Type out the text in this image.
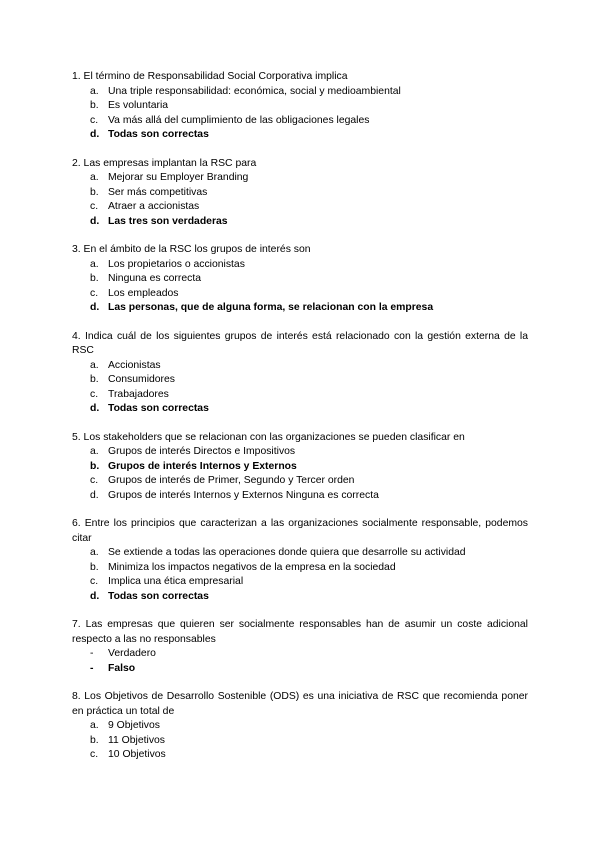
1. El término de Responsabilidad Social Corporativa implica

a. Una triple responsabilidad: económica, social y medioambiental
b. Es voluntaria
c. Va más allá del cumplimiento de las obligaciones legales
d. Todas son correctas

2. Las empresas implantan la RSC para

a. Mejorar su Employer Branding
b. Ser más competitivas
c. Atraer a accionistas
d. Las tres son verdaderas

3. En el ámbito de la RSC los grupos de interés son

a. Los propietarios o accionistas
b. Ninguna es correcta
c. Los empleados
d. Las personas, que de alguna forma, se relacionan con la empresa

4. Indica cuál de los siguientes grupos de interés está relacionado con la gestión externa de la RSC

a. Accionistas
b. Consumidores
c. Trabajadores
d. Todas son correctas

5. Los stakeholders que se relacionan con las organizaciones se pueden clasificar en

a. Grupos de interés Directos e Impositivos
b. Grupos de interés Internos y Externos
c. Grupos de interés de Primer, Segundo y Tercer orden
d. Grupos de interés Internos y Externos Ninguna es correcta

6. Entre los principios que caracterizan a las organizaciones socialmente responsable, podemos citar

a. Se extiende a todas las operaciones donde quiera que desarrolle su actividad
b. Minimiza los impactos negativos de la empresa en la sociedad
c. Implica una ética empresarial
d. Todas son correctas

7. Las empresas que quieren ser socialmente responsables han de asumir un coste adicional respecto a las no responsables

-	Verdadero
-	Falso

8. Los Objetivos de Desarrollo Sostenible (ODS) es una iniciativa de RSC que recomienda poner en práctica un total de

a. 9 Objetivos
b. 11 Objetivos
c. 10 Objetivos
